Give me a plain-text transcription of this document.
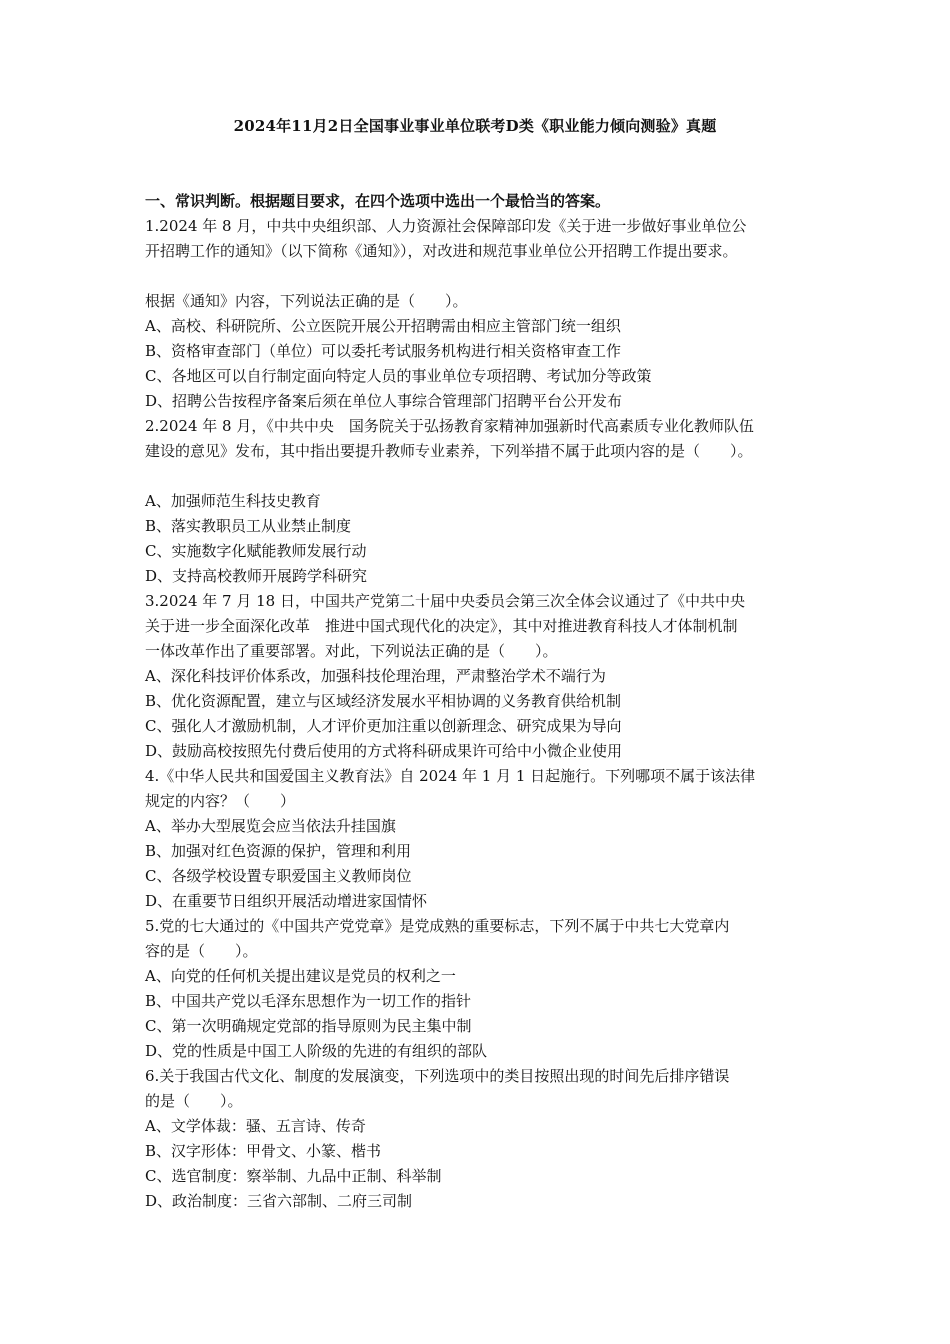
2024年11月2日全国事业事业单位联考D类《职业能力倾向测验》真题
一、常识判断。根据题目要求，在四个选项中选出一个最恰当的答案。
1.2024 年 8 月，中共中央组织部、人力资源社会保障部印发《关于进一步做好事业单位公
开招聘工作的通知》（以下简称《通知》），对改进和规范事业单位公开招聘工作提出要求。
根据《通知》内容，下列说法正确的是（　　）。
A、高校、科研院所、公立医院开展公开招聘需由相应主管部门统一组织
B、资格审查部门（单位）可以委托考试服务机构进行相关资格审查工作
C、各地区可以自行制定面向特定人员的事业单位专项招聘、考试加分等政策
D、招聘公告按程序备案后须在单位人事综合管理部门招聘平台公开发布
2.2024 年 8 月，《中共中央　国务院关于弘扬教育家精神加强新时代高素质专业化教师队伍
建设的意见》发布，其中指出要提升教师专业素养，下列举措不属于此项内容的是（　　）。
A、加强师范生科技史教育
B、落实教职员工从业禁止制度
C、实施数字化赋能教师发展行动
D、支持高校教师开展跨学科研究
3.2024 年 7 月 18 日，中国共产党第二十届中央委员会第三次全体会议通过了《中共中央
关于进一步全面深化改革　推进中国式现代化的决定》，其中对推进教育科技人才体制机制
一体改革作出了重要部署。对此，下列说法正确的是（　　）。
A、深化科技评价体系改，加强科技伦理治理，严肃整治学术不端行为
B、优化资源配置，建立与区域经济发展水平相协调的义务教育供给机制
C、强化人才激励机制，人才评价更加注重以创新理念、研究成果为导向
D、鼓励高校按照先付费后使用的方式将科研成果许可给中小微企业使用
4.《中华人民共和国爱国主义教育法》自 2024 年 1 月 1 日起施行。下列哪项不属于该法律
规定的内容？（　　）
A、举办大型展览会应当依法升挂国旗
B、加强对红色资源的保护，管理和利用
C、各级学校设置专职爱国主义教师岗位
D、在重要节日组织开展活动增进家国情怀
5.党的七大通过的《中国共产党党章》是党成熟的重要标志，下列不属于中共七大党章内
容的是（　　）。
A、向党的任何机关提出建议是党员的权利之一
B、中国共产党以毛泽东思想作为一切工作的指针
C、第一次明确规定党部的指导原则为民主集中制
D、党的性质是中国工人阶级的先进的有组织的部队
6.关于我国古代文化、制度的发展演变，下列选项中的类目按照出现的时间先后排序错误
的是（　　）。
A、文学体裁：骚、五言诗、传奇
B、汉字形体：甲骨文、小篆、楷书
C、选官制度：察举制、九品中正制、科举制
D、政治制度：三省六部制、二府三司制
